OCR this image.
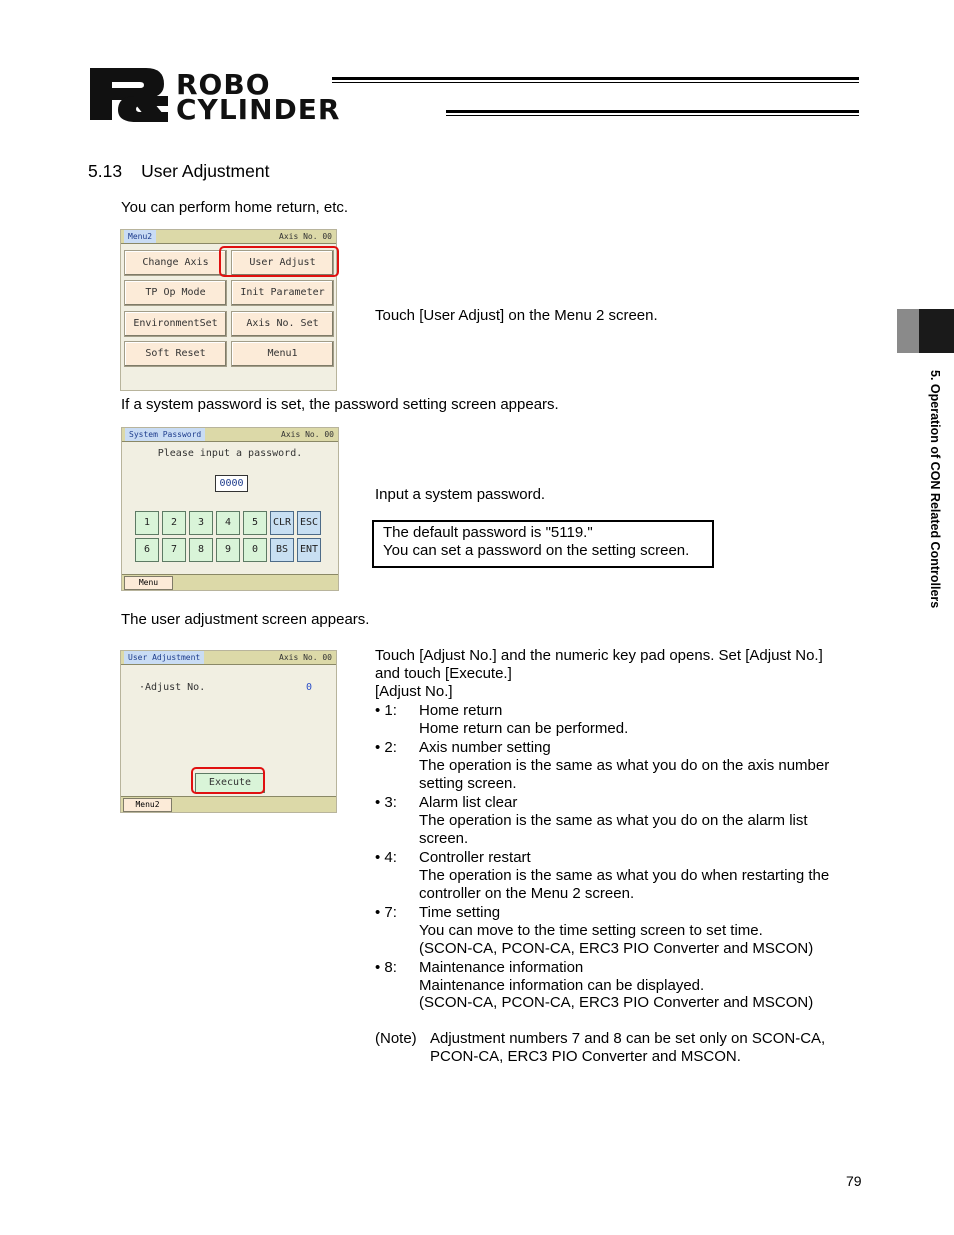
ROBO
CYLINDER
5.13 User Adjustment
You can perform home return, etc.
Menu2	Axis No. 00
Change Axis	User Adjust
TP Op Mode	Init Parameter
EnvironmentSet	Axis No. Set
Soft Reset	Menu1
Touch [User Adjust] on the Menu 2 screen.
If a system password is set, the password setting screen appears.
System Password	Axis No. 00
Please input a password.
0000
1	2	3	4	5	CLR ESC
6	7	8	9	0	BS	ENT
Menu
Input a system password.
The default password is "5119."
You can set a password on the setting screen.
The user adjustment screen appears.
User Adjustment	Axis No. 00
·Adjust No.	0
Execute
Menu2
Touch [Adjust No.] and the numeric key pad opens. Set [Adjust No.]
and touch [Execute.]
[Adjust No.]
• 1: Home return
Home return can be performed.
• 2: Axis number setting
The operation is the same as what you do on the axis number
setting screen.
• 3: Alarm list clear
The operation is the same as what you do on the alarm list
screen.
• 4: Controller restart
The operation is the same as what you do when restarting the
controller on the Menu 2 screen.
• 7: Time setting
You can move to the time setting screen to set time.
(SCON-CA, PCON-CA, ERC3 PIO Converter and MSCON)
• 8: Maintenance information
Maintenance information can be displayed.
(SCON-CA, PCON-CA, ERC3 PIO Converter and MSCON)
(Note) Adjustment numbers 7 and 8 can be set only on SCON-CA,
PCON-CA, ERC3 PIO Converter and MSCON.
5. Operation of CON Related Controllers
79
